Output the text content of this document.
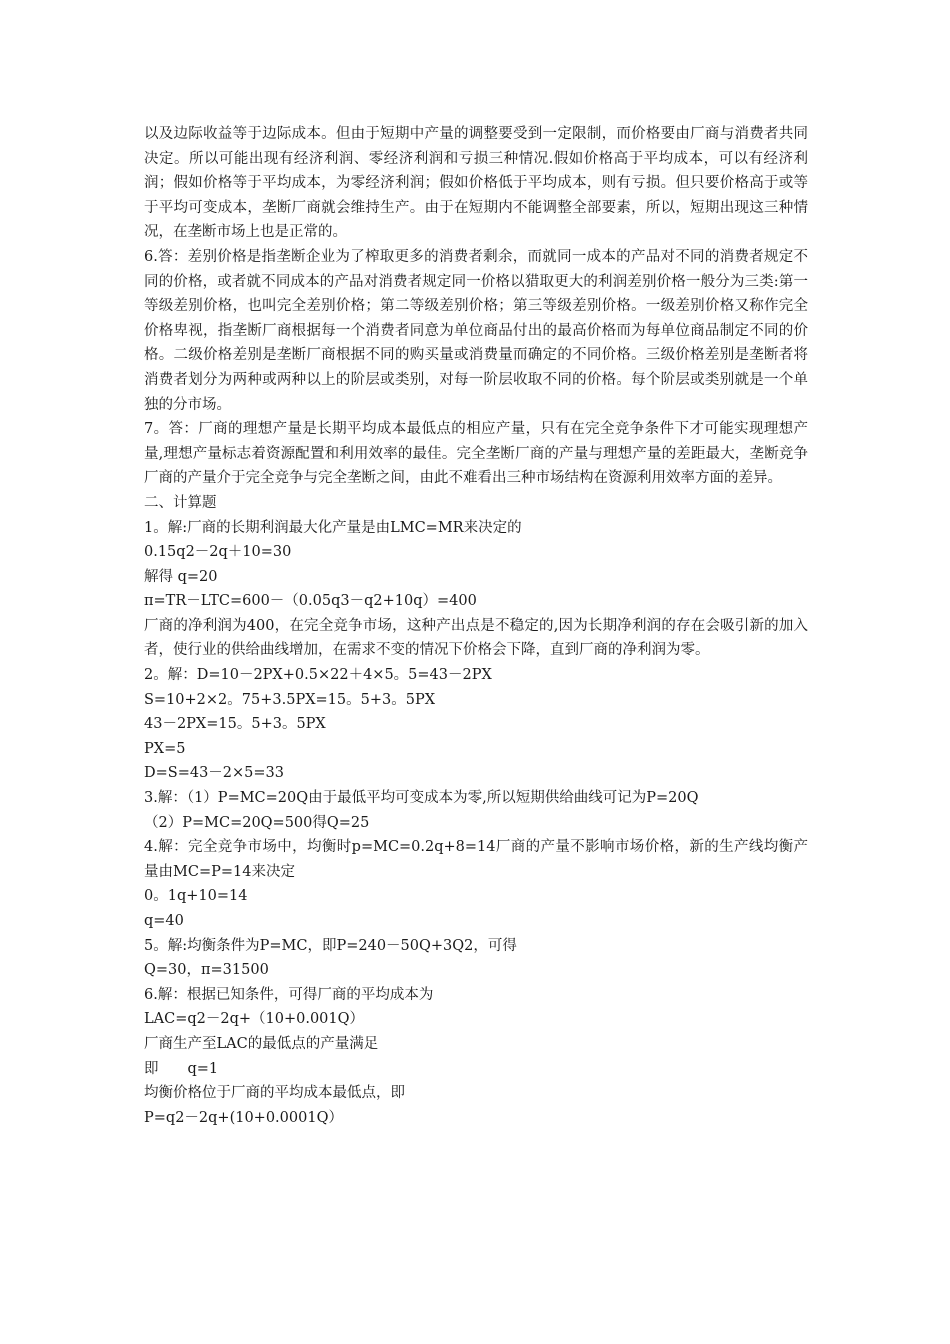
以及边际收益等于边际成本。但由于短期中产量的调整要受到一定限制，而价格要由厂商与消费者共同决定。所以可能出现有经济利润、零经济利润和亏损三种情况.假如价格高于平均成本，可以有经济利润；假如价格等于平均成本，为零经济利润；假如价格低于平均成本，则有亏损。但只要价格高于或等于平均可变成本，垄断厂商就会维持生产。由于在短期内不能调整全部要素，所以，短期出现这三种情况，在垄断市场上也是正常的。

6.答：差别价格是指垄断企业为了榨取更多的消费者剩余，而就同一成本的产品对不同的消费者规定不同的价格，或者就不同成本的产品对消费者规定同一价格以猎取更大的利润差别价格一般分为三类:第一等级差别价格，也叫完全差别价格；第二等级差别价格；第三等级差别价格。一级差别价格又称作完全价格卑视，指垄断厂商根据每一个消费者同意为单位商品付出的最高价格而为每单位商品制定不同的价格。二级价格差别是垄断厂商根据不同的购买量或消费量而确定的不同价格。三级价格差别是垄断者将消费者划分为两种或两种以上的阶层或类别，对每一阶层收取不同的价格。每个阶层或类别就是一个单独的分市场。

7。答：厂商的理想产量是长期平均成本最低点的相应产量，只有在完全竞争条件下才可能实现理想产量,理想产量标志着资源配置和利用效率的最佳。完全垄断厂商的产量与理想产量的差距最大，垄断竞争厂商的产量介于完全竞争与完全垄断之间，由此不难看出三种市场结构在资源利用效率方面的差异。

二、计算题

1。解:厂商的长期利润最大化产量是由LMC=MR来决定的

0.15q2－2q＋10=30

解得 q=20

π=TR－LTC=600－（0.05q3－q2+10q）=400

厂商的净利润为400，在完全竞争市场，这种产出点是不稳定的,因为长期净利润的存在会吸引新的加入者，使行业的供给曲线增加，在需求不变的情况下价格会下降，直到厂商的净利润为零。

2。解：D=10－2PX+0.5×22＋4×5。5=43－2PX

S=10+2×2。75+3.5PX=15。5+3。5PX

43－2PX=15。5+3。5PX

PX=5

D=S=43－2×5=33

3.解：（1）P=MC=20Q由于最低平均可变成本为零,所以短期供给曲线可记为P=20Q

（2）P=MC=20Q=500得Q=25

4.解：完全竞争市场中，均衡时p=MC=0.2q+8=14厂商的产量不影响市场价格，新的生产线均衡产量由MC=P=14来决定

0。1q+10=14

q=40

5。解:均衡条件为P=MC，即P=240－50Q+3Q2，可得

Q=30，π=31500

6.解：根据已知条件，可得厂商的平均成本为

LAC=q2－2q+（10+0.001Q）

厂商生产至LAC的最低点的产量满足

即　　q=1

均衡价格位于厂商的平均成本最低点，即

P=q2－2q+(10+0.0001Q）
